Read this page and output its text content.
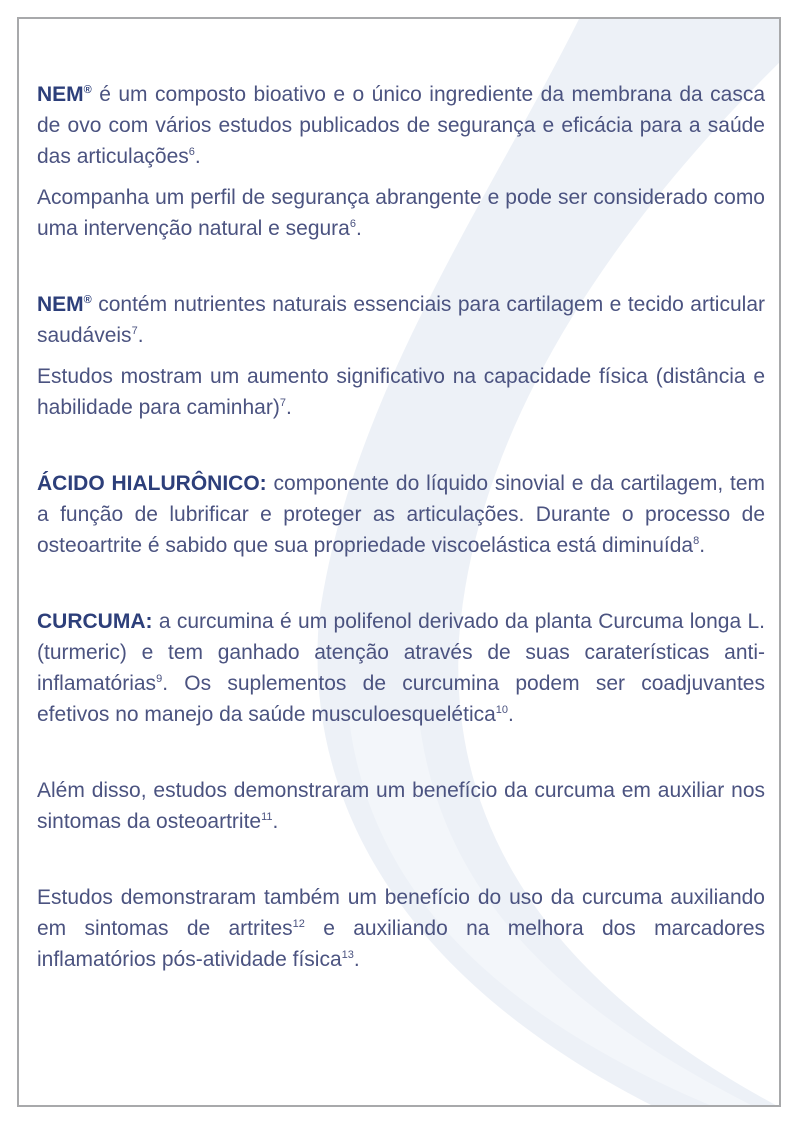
NEM® é um composto bioativo e o único ingrediente da membrana da casca de ovo com vários estudos publicados de segurança e eficácia para a saúde das articulações$^6$.

Acompanha um perfil de segurança abrangente e pode ser considerado como uma intervenção natural e segura$^6$.

NEM® contém nutrientes naturais essenciais para cartilagem e tecido articular saudáveis$^7$.

Estudos mostram um aumento significativo na capacidade física (distância e habilidade para caminhar)$^7$.

ÁCIDO HIALURÔNICO: componente do líquido sinovial e da cartilagem, tem a função de lubrificar e proteger as articulações. Durante o processo de osteoartrite é sabido que sua propriedade viscoelástica está diminuída$^8$.

CURCUMA: a curcumina é um polifenol derivado da planta Curcuma longa L. (turmeric) e tem ganhado atenção através de suas caraterísticas anti-inflamatórias$^9$. Os suplementos de curcumina podem ser coadjuvantes efetivos no manejo da saúde musculoesquelética$^{10}$.

Além disso, estudos demonstraram um benefício da curcuma em auxiliar nos sintomas da osteoartrite$^{11}$.

Estudos demonstraram também um benefício do uso da curcuma auxiliando em sintomas de artrites$^{12}$ e auxiliando na melhora dos marcadores inflamatórios pós-atividade física$^{13}$.
